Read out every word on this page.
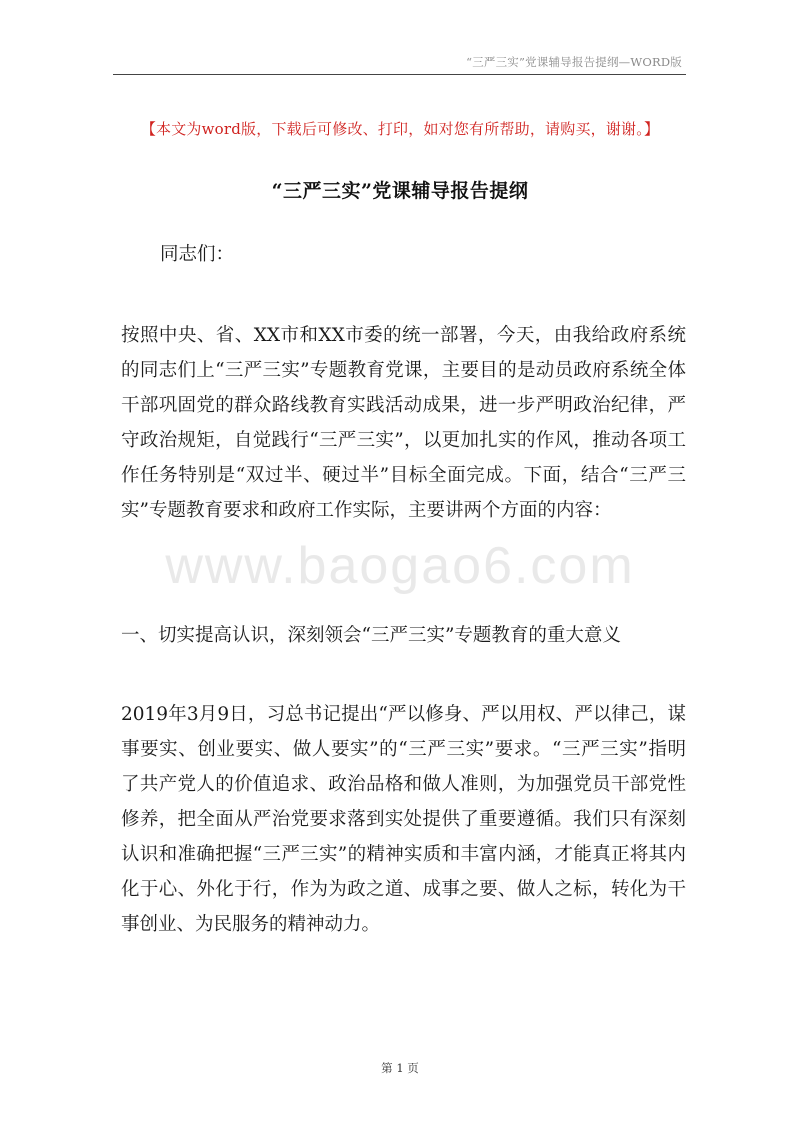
“三严三实”党课辅导报告提纲—WORD版
www.baogao6.com
【本文为word版，下载后可修改、打印，如对您有所帮助，请购买，谢谢。】
“三严三实”党课辅导报告提纲
同志们：

按照中央、省、XX市和XX市委的统一部署，今天，由我给政府系统的同志们上“三严三实”专题教育党课，主要目的是动员政府系统全体干部巩固党的群众路线教育实践活动成果，进一步严明政治纪律，严守政治规矩，自觉践行“三严三实”，以更加扎实的作风，推动各项工作任务特别是“双过半、硬过半”目标全面完成。下面，结合“三严三实”专题教育要求和政府工作实际，主要讲两个方面的内容：

一、切实提高认识，深刻领会“三严三实”专题教育的重大意义

2019年3月9日，习总书记提出“严以修身、严以用权、严以律己，谋事要实、创业要实、做人要实”的“三严三实”要求。“三严三实”指明了共产党人的价值追求、政治品格和做人准则，为加强党员干部党性修养，把全面从严治党要求落到实处提供了重要遵循。我们只有深刻认识和准确把握“三严三实”的精神实质和丰富内涵，才能真正将其内化于心、外化于行，作为为政之道、成事之要、做人之标，转化为干事创业、为民服务的精神动力。

第 1 页
